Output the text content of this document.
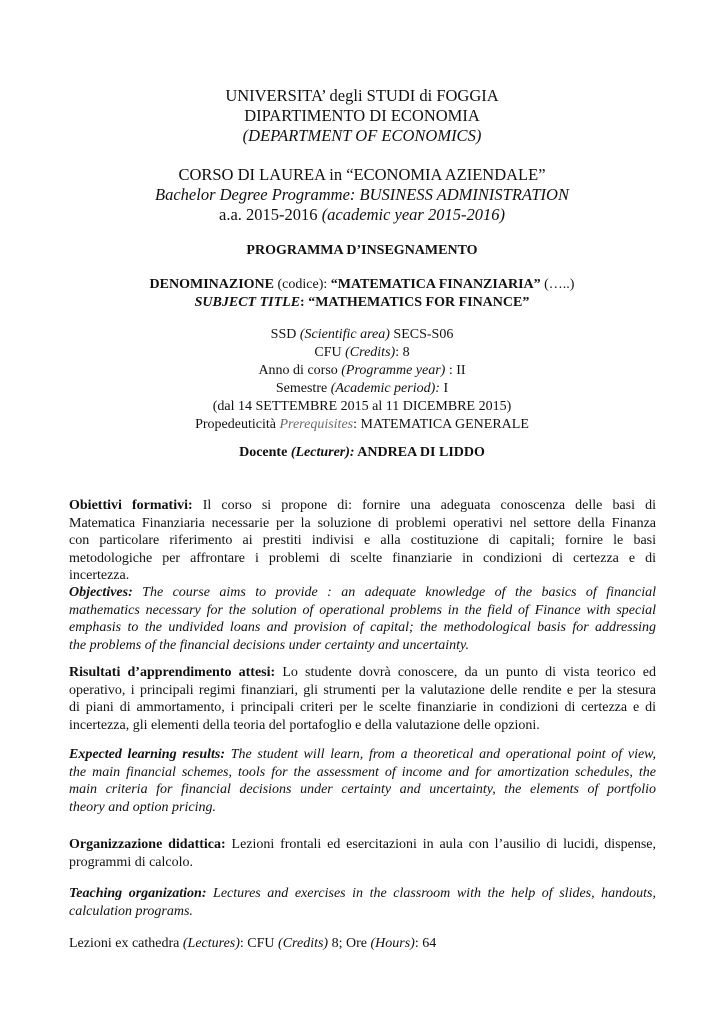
UNIVERSITA’ degli STUDI di FOGGIA
DIPARTIMENTO DI ECONOMIA
(DEPARTMENT OF ECONOMICS)
CORSO DI LAUREA in “ECONOMIA AZIENDALE”
Bachelor Degree Programme: BUSINESS ADMINISTRATION
a.a. 2015-2016 (academic year 2015-2016)
PROGRAMMA D’INSEGNAMENTO
DENOMINAZIONE (codice): “MATEMATICA FINANZIARIA” (…..)
SUBJECT TITLE: “MATHEMATICS FOR FINANCE”
SSD (Scientific area) SECS-S06
CFU (Credits): 8
Anno di corso (Programme year) : II
Semestre (Academic period): I
(dal 14 SETTEMBRE 2015 al 11 DICEMBRE 2015)
Propedeuticità Prerequisites: MATEMATICA GENERALE
Docente (Lecturer): ANDREA DI LIDDO
Obiettivi formativi: Il corso si propone di: fornire una adeguata conoscenza delle basi di
Matematica Finanziaria necessarie per la soluzione di problemi operativi nel settore della Finanza
con particolare riferimento ai prestiti indivisi e alla costituzione di capitali; fornire le basi
metodologiche per affrontare i problemi di scelte finanziarie in condizioni di certezza e di
incertezza.
Objectives: The course aims to provide : an adequate knowledge of the basics of financial
mathematics necessary for the solution of operational problems in the field of Finance with special
emphasis to the undivided loans and provision of capital; the methodological basis for addressing
the problems of the financial decisions under certainty and uncertainty.
Risultati d’apprendimento attesi: Lo studente dovrà conoscere, da un punto di vista teorico ed
operativo, i principali regimi finanziari, gli strumenti per la valutazione delle rendite e per la stesura
di piani di ammortamento, i principali criteri per le scelte finanziarie in condizioni di certezza e di
incertezza, gli elementi della teoria del portafoglio e della valutazione delle opzioni.
Expected learning results: The student will learn, from a theoretical and operational point of view,
the main financial schemes, tools for the assessment of income and for amortization schedules, the
main criteria for financial decisions under certainty and uncertainty, the elements of portfolio
theory and option pricing.
Organizzazione didattica: Lezioni frontali ed esercitazioni in aula con l’ausilio di lucidi, dispense,
programmi di calcolo.
Teaching organization: Lectures and exercises in the classroom with the help of slides, handouts,
calculation programs.
Lezioni ex cathedra (Lectures): CFU (Credits) 8; Ore (Hours): 64
